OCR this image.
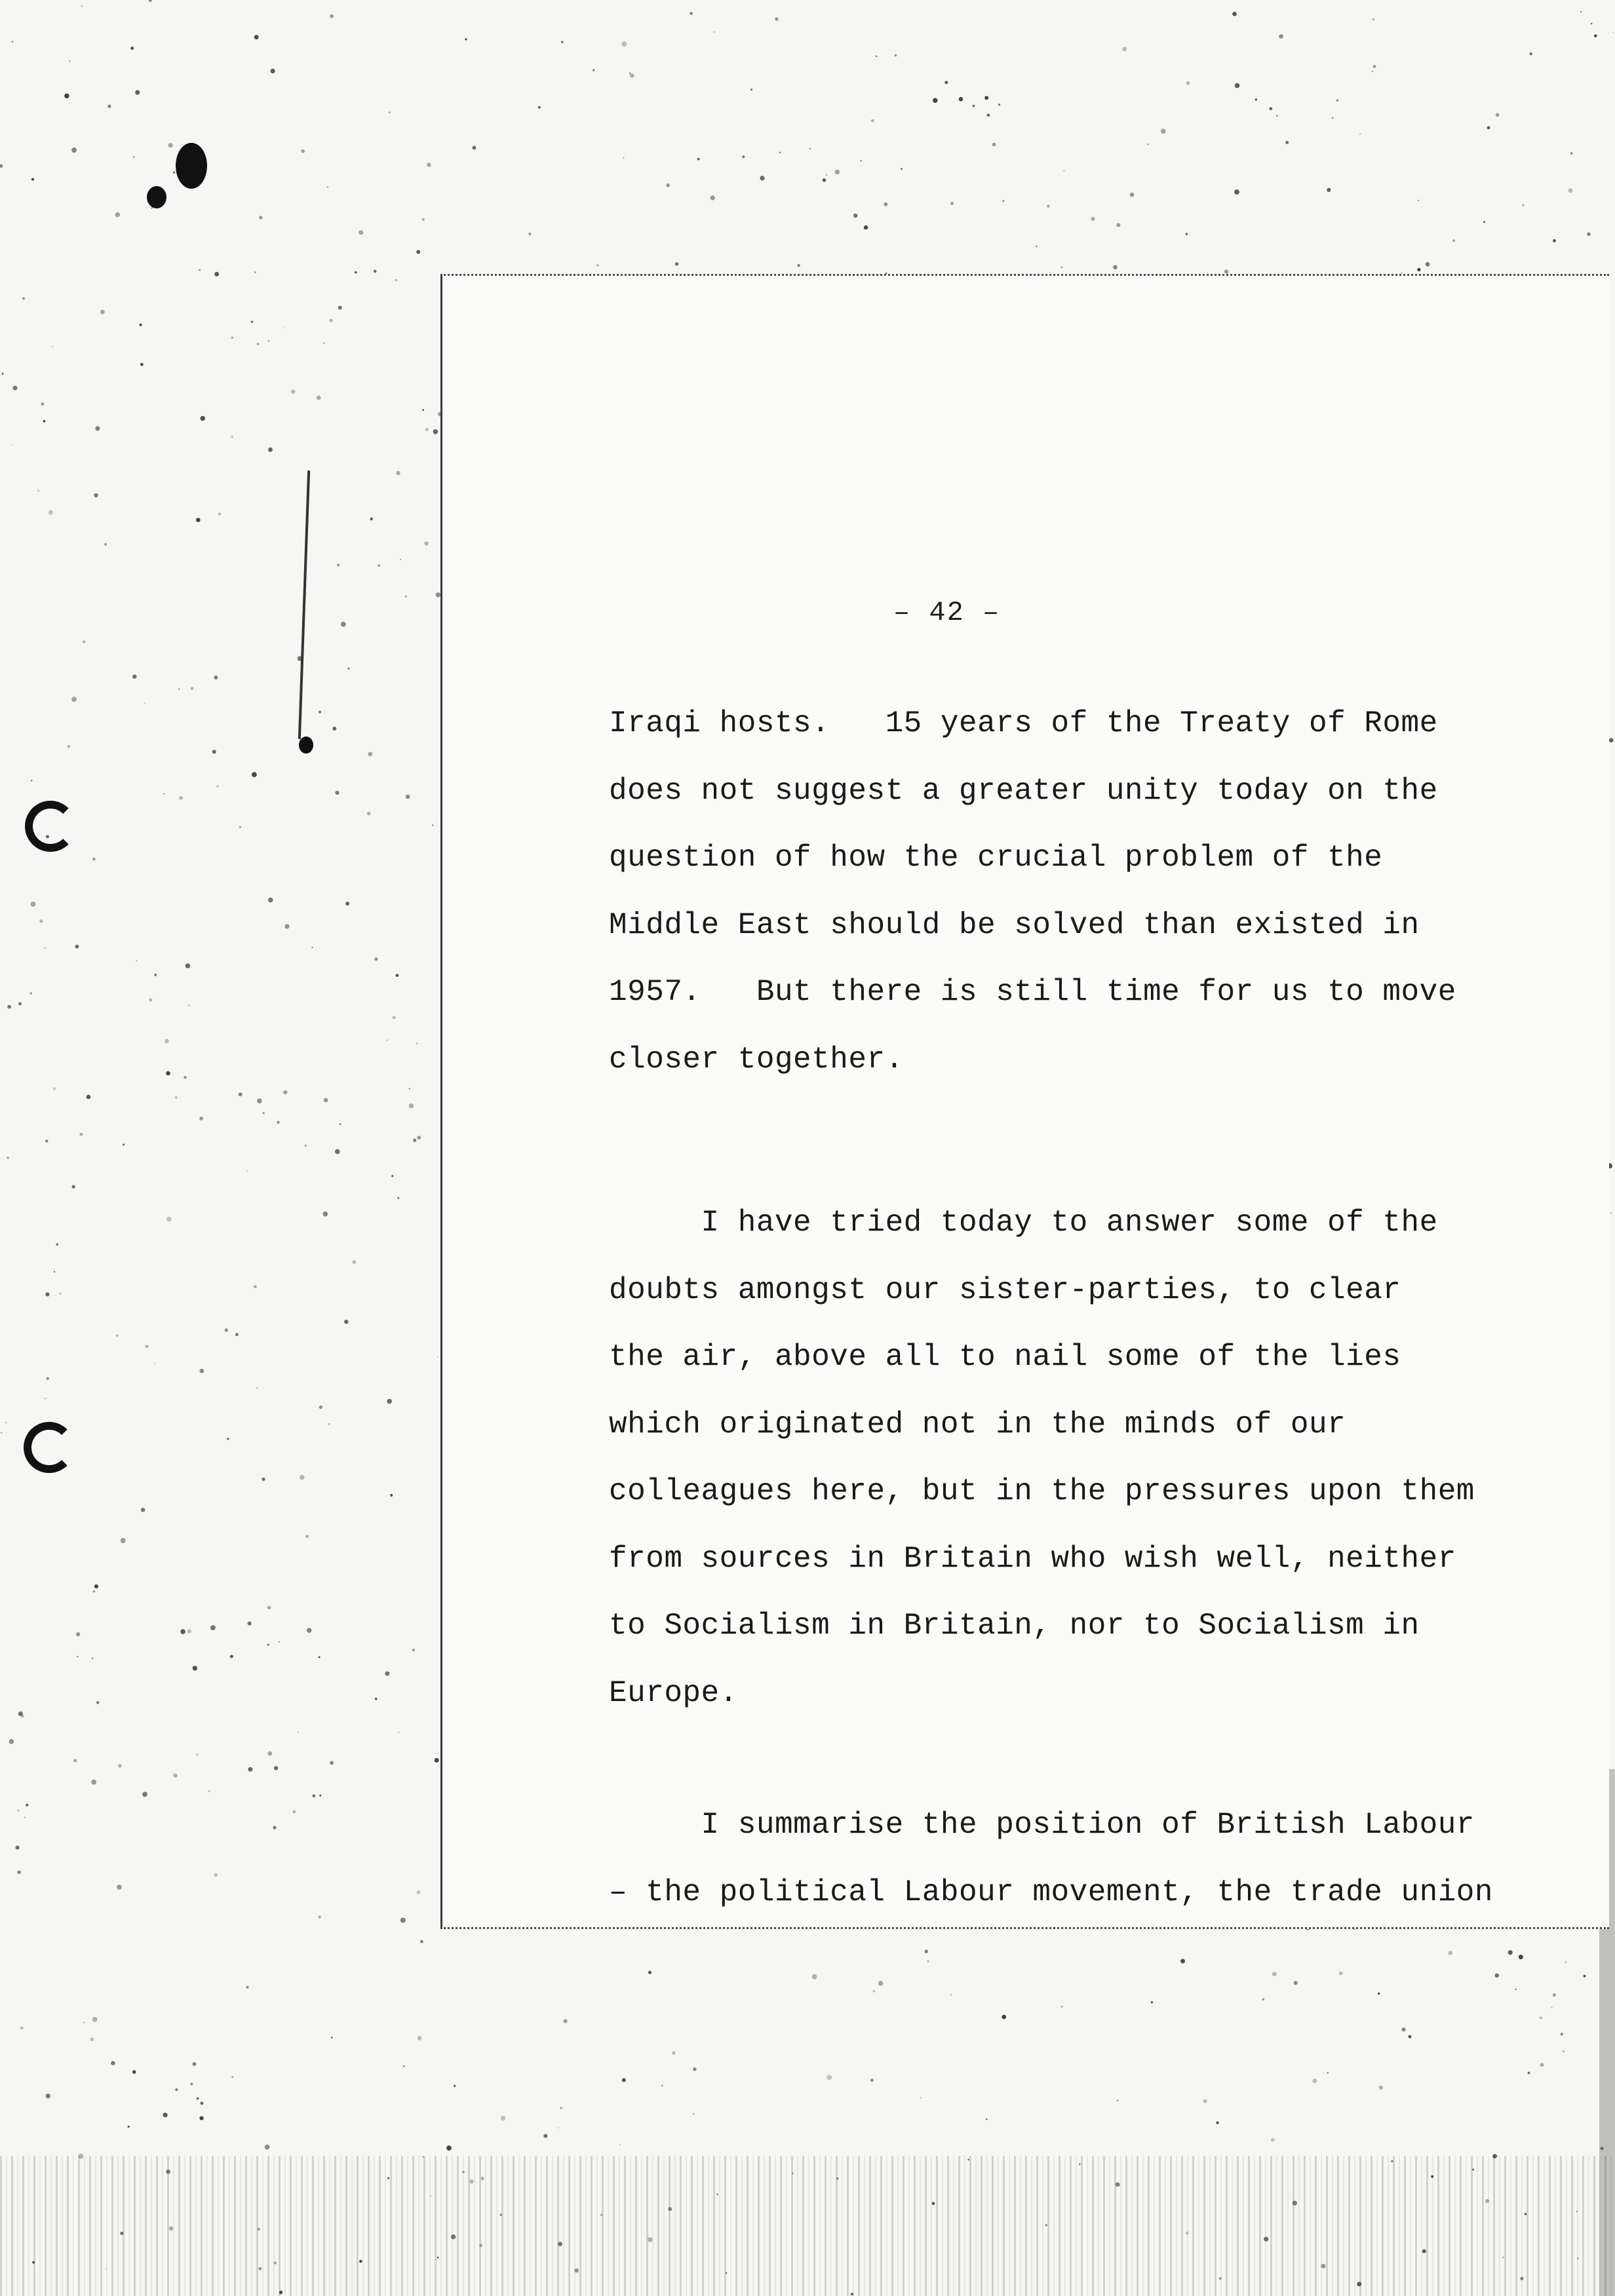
– 42 –

Iraqi hosts.   15 years of the Treaty of Rome
does not suggest a greater unity today on the
question of how the crucial problem of the
Middle East should be solved than existed in
1957.   But there is still time for us to move
closer together.

I have tried today to answer some of the
doubts amongst our sister-parties, to clear
the air, above all to nail some of the lies
which originated not in the minds of our
colleagues here, but in the pressures upon them
from sources in Britain who wish well, neither
to Socialism in Britain, nor to Socialism in
Europe.

I summarise the position of British Labour
– the political Labour movement, the trade union
